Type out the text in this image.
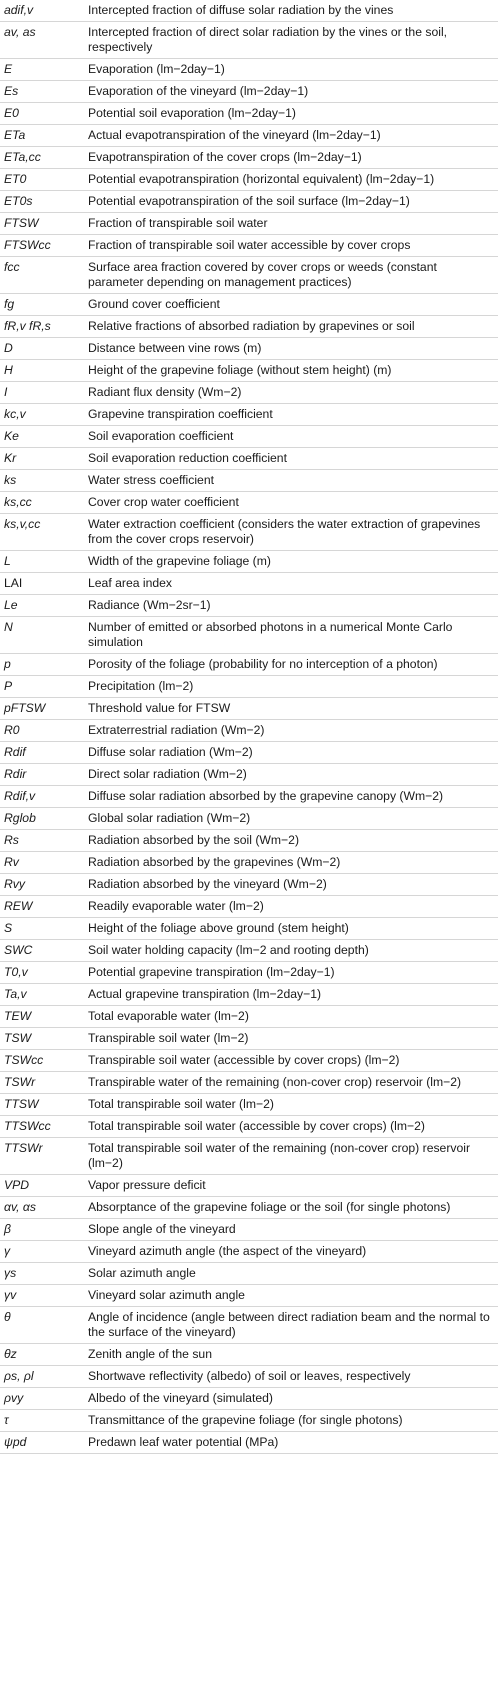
adif,v	Intercepted fraction of diffuse solar radiation by the vines
av, as	Intercepted fraction of direct solar radiation by the vines or the soil, respectively
E	Evaporation (lm−2day−1)
Es	Evaporation of the vineyard (lm−2day−1)
E0	Potential soil evaporation (lm−2day−1)
ETa	Actual evapotranspiration of the vineyard (lm−2day−1)
ETa,cc	Evapotranspiration of the cover crops (lm−2day−1)
ET0	Potential evapotranspiration (horizontal equivalent) (lm−2day−1)
ET0s	Potential evapotranspiration of the soil surface (lm−2day−1)
FTSW	Fraction of transpirable soil water
FTSWcc	Fraction of transpirable soil water accessible by cover crops
fcc	Surface area fraction covered by cover crops or weeds (constant parameter depending on management practices)
fg	Ground cover coefficient
fR,v fR,s	Relative fractions of absorbed radiation by grapevines or soil
D	Distance between vine rows (m)
H	Height of the grapevine foliage (without stem height) (m)
I	Radiant flux density (Wm−2)
kc,v	Grapevine transpiration coefficient
Ke	Soil evaporation coefficient
Kr	Soil evaporation reduction coefficient
ks	Water stress coefficient
ks,cc	Cover crop water coefficient
ks,v,cc	Water extraction coefficient (considers the water extraction of grapevines from the cover crops reservoir)
L	Width of the grapevine foliage (m)
LAI	Leaf area index
Le	Radiance (Wm−2sr−1)
N	Number of emitted or absorbed photons in a numerical Monte Carlo simulation
p	Porosity of the foliage (probability for no interception of a photon)
P	Precipitation (lm−2)
pFTSW	Threshold value for FTSW
R0	Extraterrestrial radiation (Wm−2)
Rdif	Diffuse solar radiation (Wm−2)
Rdir	Direct solar radiation (Wm−2)
Rdif,v	Diffuse solar radiation absorbed by the grapevine canopy (Wm−2)
Rglob	Global solar radiation (Wm−2)
Rs	Radiation absorbed by the soil (Wm−2)
Rv	Radiation absorbed by the grapevines (Wm−2)
Rvy	Radiation absorbed by the vineyard (Wm−2)
REW	Readily evaporable water (lm−2)
S	Height of the foliage above ground (stem height)
SWC	Soil water holding capacity (lm−2 and rooting depth)
T0,v	Potential grapevine transpiration (lm−2day−1)
Ta,v	Actual grapevine transpiration (lm−2day−1)
TEW	Total evaporable water (lm−2)
TSW	Transpirable soil water (lm−2)
TSWcc	Transpirable soil water (accessible by cover crops) (lm−2)
TSWr	Transpirable water of the remaining (non-cover crop) reservoir (lm−2)
TTSW	Total transpirable soil water (lm−2)
TTSWcc	Total transpirable soil water (accessible by cover crops) (lm−2)
TTSWr	Total transpirable soil water of the remaining (non-cover crop) reservoir (lm−2)
VPD	Vapor pressure deficit
αv, αs	Absorptance of the grapevine foliage or the soil (for single photons)
β	Slope angle of the vineyard
γ	Vineyard azimuth angle (the aspect of the vineyard)
γs	Solar azimuth angle
γv	Vineyard solar azimuth angle
θ	Angle of incidence (angle between direct radiation beam and the normal to the surface of the vineyard)
θz	Zenith angle of the sun
ρs, ρl	Shortwave reflectivity (albedo) of soil or leaves, respectively
ρvy	Albedo of the vineyard (simulated)
τ	Transmittance of the grapevine foliage (for single photons)
ψpd	Predawn leaf water potential (MPa)
